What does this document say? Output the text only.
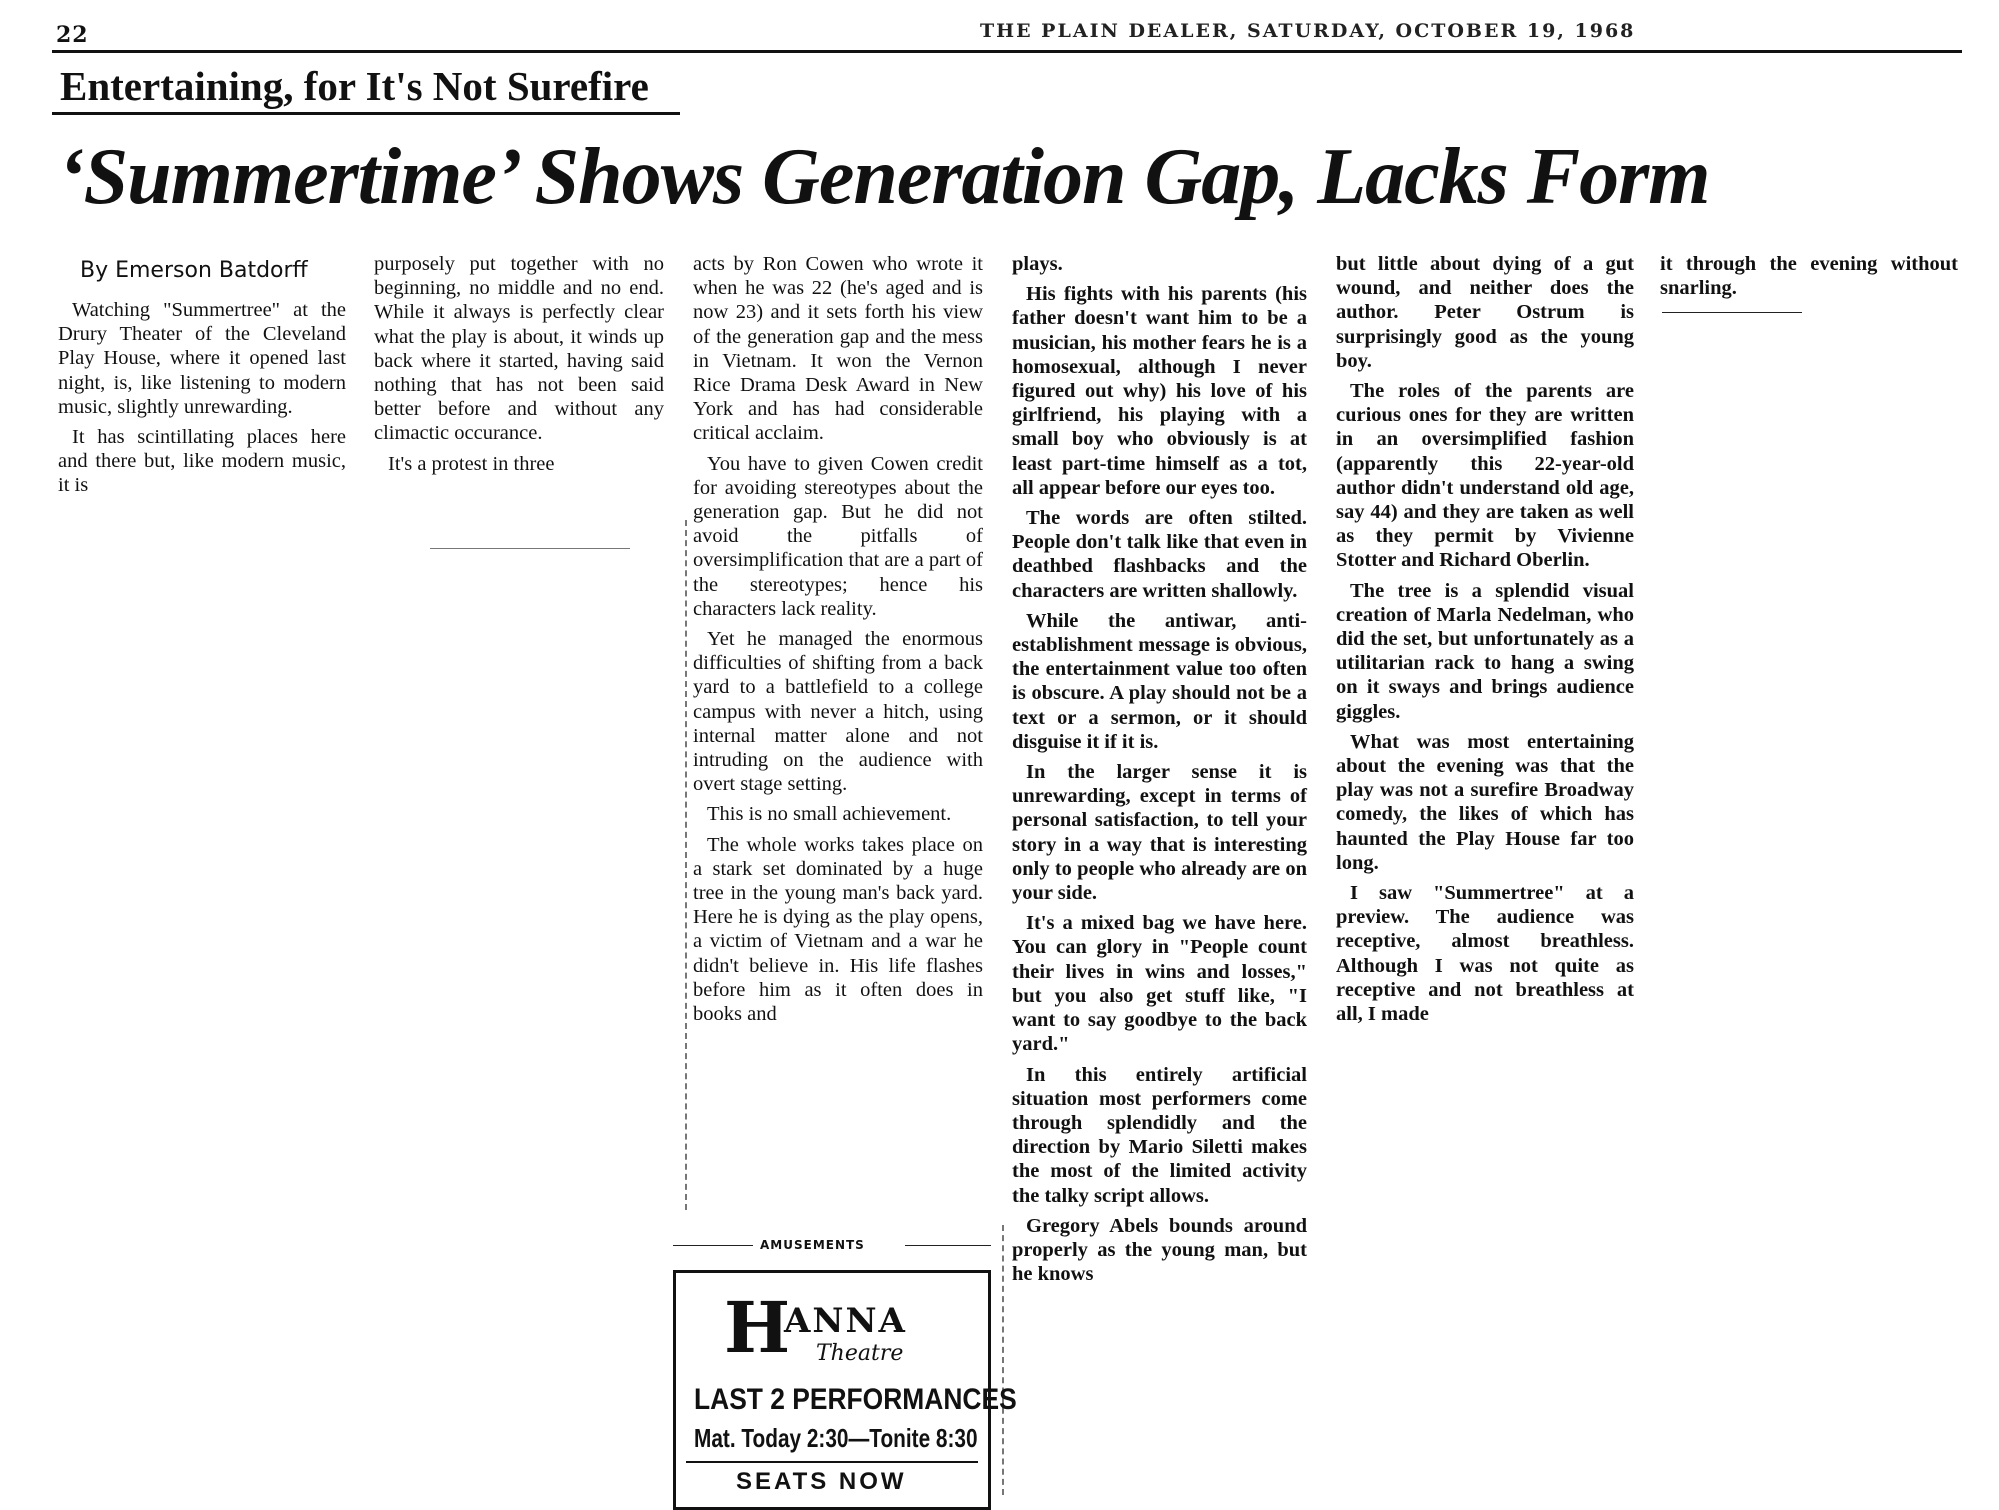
22	THE PLAIN DEALER, SATURDAY, OCTOBER 19, 1968
Entertaining, for It's Not Surefire
‘Summertime’ Shows Generation Gap, Lacks Form
By Emerson Batdorff

Watching "Summertree" at the Drury Theater of the Cleveland Play House, where it opened last night, is, like listening to modern music, slightly unrewarding.

It has scintillating places here and there but, like modern music, it is

purposely put together with no beginning, no middle and no end. While it always is perfectly clear what the play is about, it winds up back where it started, having said nothing that has not been said better before and without any climactic occurance.

It's a protest in three

acts by Ron Cowen who wrote it when he was 22 (he's aged and is now 23) and it sets forth his view of the generation gap and the mess in Vietnam. It won the Vernon Rice Drama Desk Award in New York and has had considerable critical acclaim.

You have to given Cowen credit for avoiding stereotypes about the generation gap. But he did not avoid the pitfalls of oversimplification that are a part of the stereotypes; hence his characters lack reality.

Yet he managed the enormous difficulties of shifting from a back yard to a battlefield to a college campus with never a hitch, using internal matter alone and not intruding on the audience with overt stage setting.

This is no small achievement.

The whole works takes place on a stark set dominated by a huge tree in the young man's back yard. Here he is dying as the play opens, a victim of Vietnam and a war he didn't believe in. His life flashes before him as it often does in books and

plays.

His fights with his parents (his father doesn't want him to be a musician, his mother fears he is a homosexual, although I never figured out why) his love of his girlfriend, his playing with a small boy who obviously is at least part-time himself as a tot, all appear before our eyes too.

The words are often stilted. People don't talk like that even in deathbed flashbacks and the characters are written shallowly.

While the antiwar, anti-establishment message is obvious, the entertainment value too often is obscure. A play should not be a text or a sermon, or it should disguise it if it is.

In the larger sense it is unrewarding, except in terms of personal satisfaction, to tell your story in a way that is interesting only to people who already are on your side.

It's a mixed bag we have here. You can glory in "People count their lives in wins and losses," but you also get stuff like, "I want to say goodbye to the back yard."

In this entirely artificial situation most performers come through splendidly and the direction by Mario Siletti makes the most of the limited activity the talky script allows.

Gregory Abels bounds around properly as the young man, but he knows

but little about dying of a gut wound, and neither does the author. Peter Ostrum is surprisingly good as the young boy.

The roles of the parents are curious ones for they are written in an oversimplified fashion (apparently this 22-year-old author didn't understand old age, say 44) and they are taken as well as they permit by Vivienne Stotter and Richard Oberlin.

The tree is a splendid visual creation of Marla Nedelman, who did the set, but unfortunately as a utilitarian rack to hang a swing on it sways and brings audience giggles.

What was most entertaining about the evening was that the play was not a surefire Broadway comedy, the likes of which has haunted the Play House far too long.

I saw "Summertree" at a preview. The audience was receptive, almost breathless. Although I was not quite as receptive and not breathless at all, I made

it through the evening without snarling.

AMUSEMENTS
H
ANNA
Theatre
LAST 2 PERFORMANCES
Mat. Today 2:30—Tonite 8:30
SEATS NOW
